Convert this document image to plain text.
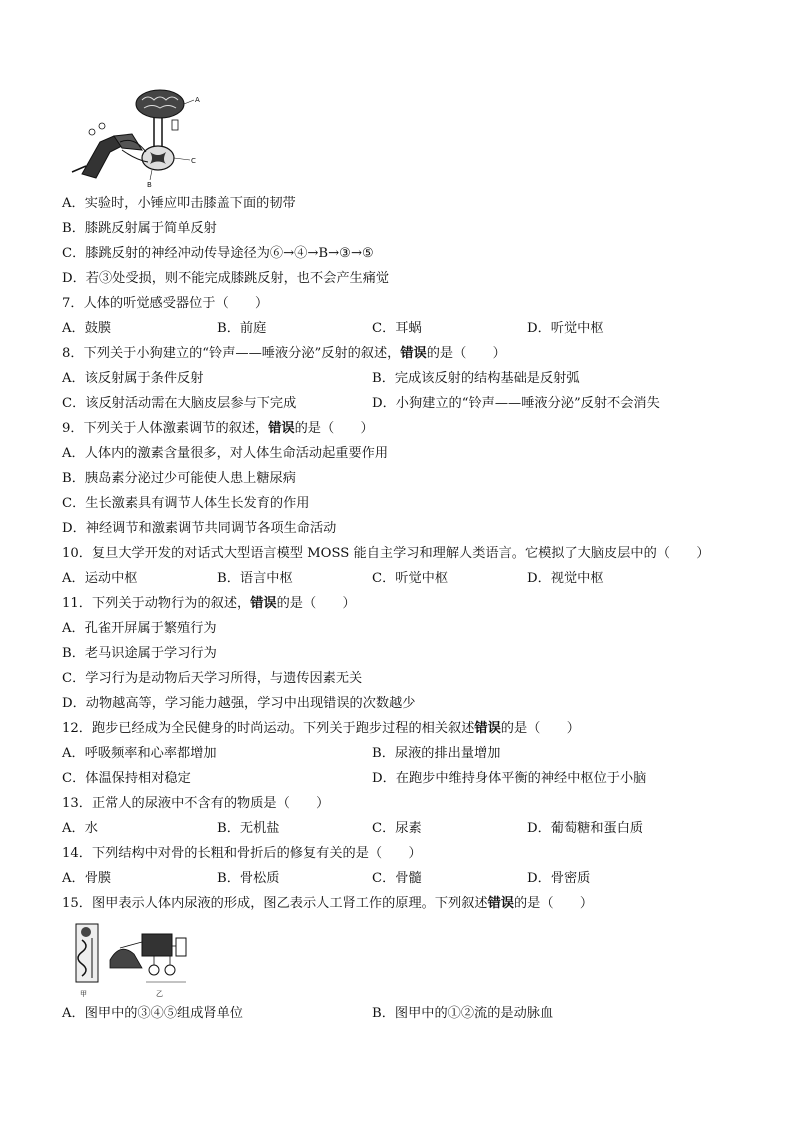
A
C
B
A．实验时，小锤应叩击膝盖下面的韧带
B．膝跳反射属于简单反射
C．膝跳反射的神经冲动传导途径为⑥→④→B→③→⑤
D．若③处受损，则不能完成膝跳反射，也不会产生痛觉
7．人体的听觉感受器位于（　　）
A．鼓膜	B．前庭	C．耳蜗	D．听觉中枢
8．下列关于小狗建立的“铃声——唾液分泌”反射的叙述，错误的是（　　）
A．该反射属于条件反射	B．完成该反射的结构基础是反射弧
C．该反射活动需在大脑皮层参与下完成	D．小狗建立的“铃声——唾液分泌”反射不会消失
9．下列关于人体激素调节的叙述，错误的是（　　）
A．人体内的激素含量很多，对人体生命活动起重要作用
B．胰岛素分泌过少可能使人患上糖尿病
C．生长激素具有调节人体生长发育的作用
D．神经调节和激素调节共同调节各项生命活动
10．复旦大学开发的对话式大型语言模型 MOSS 能自主学习和理解人类语言。它模拟了大脑皮层中的（　　）
A．运动中枢	B．语言中枢	C．听觉中枢	D．视觉中枢
11．下列关于动物行为的叙述，错误的是（　　）
A．孔雀开屏属于繁殖行为
B．老马识途属于学习行为
C．学习行为是动物后天学习所得，与遗传因素无关
D．动物越高等，学习能力越强，学习中出现错误的次数越少
12．跑步已经成为全民健身的时尚运动。下列关于跑步过程的相关叙述错误的是（　　）
A．呼吸频率和心率都增加	B．尿液的排出量增加
C．体温保持相对稳定	D．在跑步中维持身体平衡的神经中枢位于小脑
13．正常人的尿液中不含有的物质是（　　）
A．水	B．无机盐	C．尿素	D．葡萄糖和蛋白质
14．下列结构中对骨的长粗和骨折后的修复有关的是（　　）
A．骨膜	B．骨松质	C．骨髓	D．骨密质
15．图甲表示人体内尿液的形成，图乙表示人工肾工作的原理。下列叙述错误的是（　　）
甲	乙
A．图甲中的③④⑤组成肾单位	B．图甲中的①②流的是动脉血
